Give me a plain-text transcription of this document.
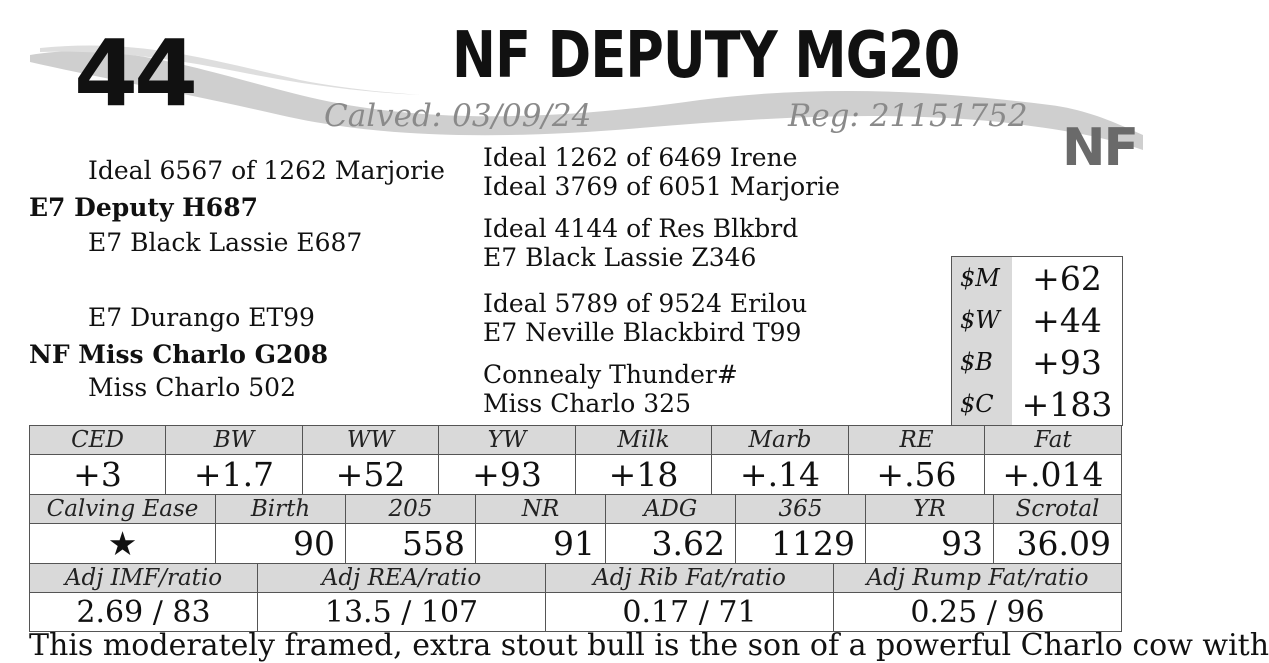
44	NF DEPUTY MG20
Calved: 03/09/24	Reg: 21151752
NF
Ideal 6567 of 1262 Marjorie
E7 Deputy H687
E7 Black Lassie E687
E7 Durango ET99
NF Miss Charlo G208
Miss Charlo 502
Ideal 1262 of 6469 Irene
Ideal 3769 of 6051 Marjorie
Ideal 4144 of Res Blkbrd
E7 Black Lassie Z346
Ideal 5789 of 9524 Erilou
E7 Neville Blackbird T99
Connealy Thunder#
Miss Charlo 325
$M +62
$W +44
$B	+93
$C +183
CED	BW	WW	YW	Milk	Marb	RE	Fat
+3	+1.7	+52	+93	+18	+.14	+.56	+.014
Calving Ease	Birth	205	NR	ADG	365	YR	Scrotal
★	90	558	91	3.62	1129	93	36.09
Adj IMF/ratio	Adj REA/ratio	Adj Rib Fat/ratio	Adj Rump Fat/ratio
2.69 / 83	13.5 / 107	0.17 / 71	0.25 / 96
This moderately framed, extra stout bull is the son of a powerful Charlo cow with
